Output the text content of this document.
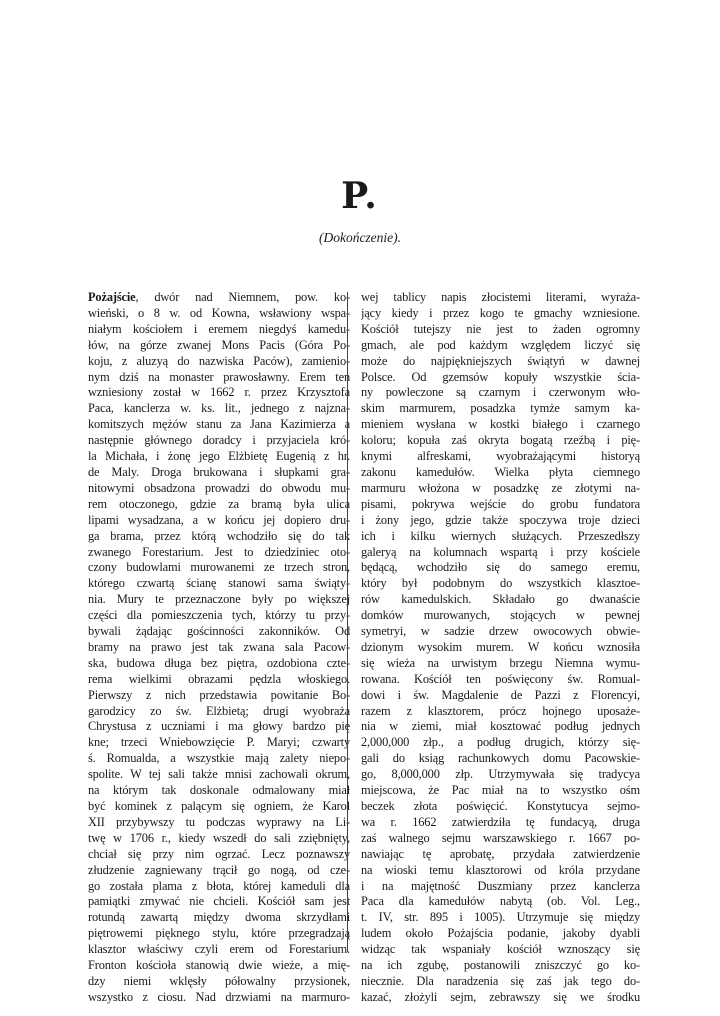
P.
(Dokończenie).
Pożajście, dwór nad Niemnem, pow. ko-
wieński, o 8 w. od Kowna, wsławiony wspa-
niałym kościołem i eremem niegdyś kamedu-
łów, na górze zwanej Mons Pacis (Góra Po-
koju, z aluzyą do nazwiska Paców), zamienio-
nym dziś na monaster prawosławny. Erem ten
wzniesiony został w 1662 r. przez Krzysztofa
Paca, kanclerza w. ks. lit., jednego z najzna-
komitszych mężów stanu za Jana Kazimierza a
następnie głównego doradcy i przyjaciela kró-
la Michała, i żonę jego Elżbietę Eugenią z hr.
de Maly. Droga brukowana i słupkami gra-
nitowymi obsadzona prowadzi do obwodu mu-
rem otoczonego, gdzie za bramą była ulica
lipami wysadzana, a w końcu jej dopiero dru-
ga brama, przez którą wchodziło się do tak
zwanego Forestarium. Jest to dziedziniec oto-
czony budowlami murowanemi ze trzech stron,
którego czwartą ścianę stanowi sama świąty-
nia. Mury te przeznaczone były po większej
części dla pomieszczenia tych, którzy tu przy-
bywali żądając gościnności zakonników. Od
bramy na prawo jest tak zwana sala Pacow-
ska, budowa długa bez piętra, ozdobiona czte-
rema wielkimi obrazami pędzla włoskiego.
Pierwszy z nich przedstawia powitanie Bo-
garodzicy zo św. Elżbietą; drugi wyobraża
Chrystusa z uczniami i ma głowy bardzo pię
kne; trzeci Wniebowzięcie P. Maryi; czwarty
ś. Romualda, a wszystkie mają zalety niepo-
spolite. W tej sali także mnisi zachowali okrum,
na którym tak doskonale odmalowany miał
być kominek z palącym się ogniem, że Karol
XII przybywszy tu podczas wyprawy na Li-
twę w 1706 r., kiedy wszedł do sali zziębnięty,
chciał się przy nim ogrzać. Lecz poznawszy
złudzenie zagniewany trącił go nogą, od cze-
go została plama z błota, której kameduli dla
pamiątki zmywać nie chcieli. Kościół sam jest
rotundą zawartą między dwoma skrzydłami
piętrowemi pięknego stylu, które przegradzają
klasztor właściwy czyli erem od Forestarium.
Fronton kościoła stanowią dwie wieże, a mię-
dzy niemi wklęsły półowalny przysionek,
wszystko z ciosu. Nad drzwiami na marmuro-
wej tablicy napis złocistemi literami, wyraża-
jący kiedy i przez kogo te gmachy wzniesione.
Kościół tutejszy nie jest to żaden ogromny
gmach, ale pod każdym względem liczyć się
może do najpiękniejszych świątyń w dawnej
Polsce. Od gzemsów kopuły wszystkie ścia-
ny powleczone są czarnym i czerwonym wło-
skim marmurem, posadzka tymże samym ka-
mieniem wysłana w kostki białego i czarnego
koloru; kopuła zaś okryta bogatą rzeźbą i pię-
knymi alfreskami, wyobrażającymi historyą
zakonu kamedułów. Wielka płyta ciemnego
marmuru włożona w posadzkę ze złotymi na-
pisami, pokrywa wejście do grobu fundatora
i żony jego, gdzie także spoczywa troje dzieci
ich i kilku wiernych służących. Przeszedłszy
galeryą na kolumnach wspartą i przy kościele
będącą, wchodziło się do samego eremu,
który był podobnym do wszystkich klasztoe-
rów kamedulskich. Składało go dwanaście
domków murowanych, stojących w pewnej
symetryi, w sadzie drzew owocowych obwie-
dzionym wysokim murem. W końcu wznosiła
się wieża na urwistym brzegu Niemna wymu-
rowana. Kościół ten poświęcony św. Romual-
dowi i św. Magdalenie de Pazzi z Florencyi,
razem z klasztorem, prócz hojnego uposaże-
nia w ziemi, miał kosztować podług jednych
2,000,000 złp., a podług drugich, którzy się-
gali do ksiąg rachunkowych domu Pacowskie-
go, 8,000,000 złp. Utrzymywała się tradycya
miejscowa, że Pac miał na to wszystko ośm
beczek złota poświęcić. Konstytucya sejmo-
wa r. 1662 zatwierdziła tę fundacyą, druga
zaś walnego sejmu warszawskiego r. 1667 po-
nawiając tę aprobatę, przydała zatwierdzenie
na wioski temu klasztorowi od króla przydane
i na majętność Duszmiany przez kanclerza
Paca dla kamedułów nabytą (ob. Vol. Leg.,
t. IV, str. 895 i 1005). Utrzymuje się między
ludem około Pożajścia podanie, jakoby dyabli
widząc tak wspaniały kościół wznoszący się
na ich zgubę, postanowili zniszczyć go ko-
niecznie. Dla naradzenia się zaś jak tego do-
kazać, złożyli sejm, zebrawszy się we środku
